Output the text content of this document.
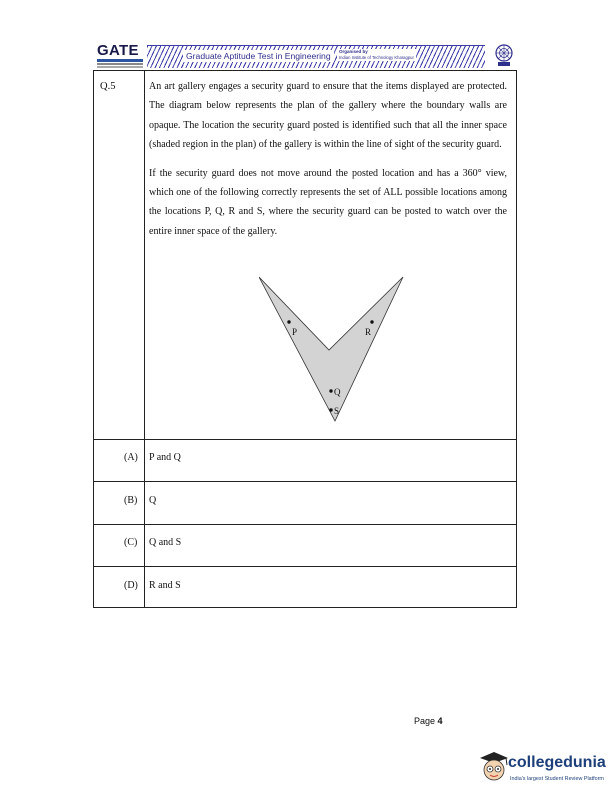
GATE	Graduate Aptitude Test in Engineering	Organised by
Indian Institute of Technology Kharagpur
Q.5	An art gallery engages a security guard to ensure that the items displayed are protected. The diagram below represents the plan of the gallery where the boundary walls are opaque. The location the security guard posted is identified such that all the inner space (shaded region in the plan) of the gallery is within the line of sight of the security guard.

If the security guard does not move around the posted location and has a 360° view, which one of the following correctly represents the set of ALL possible locations among the locations P, Q, R and S, where the security guard can be posted to watch over the entire inner space of the gallery.

P	R
Q
S
(A) P and Q
(B) Q
(C) Q and S
(D) R and S
Page 4
collegedunia
India's largest Student Review Platform
